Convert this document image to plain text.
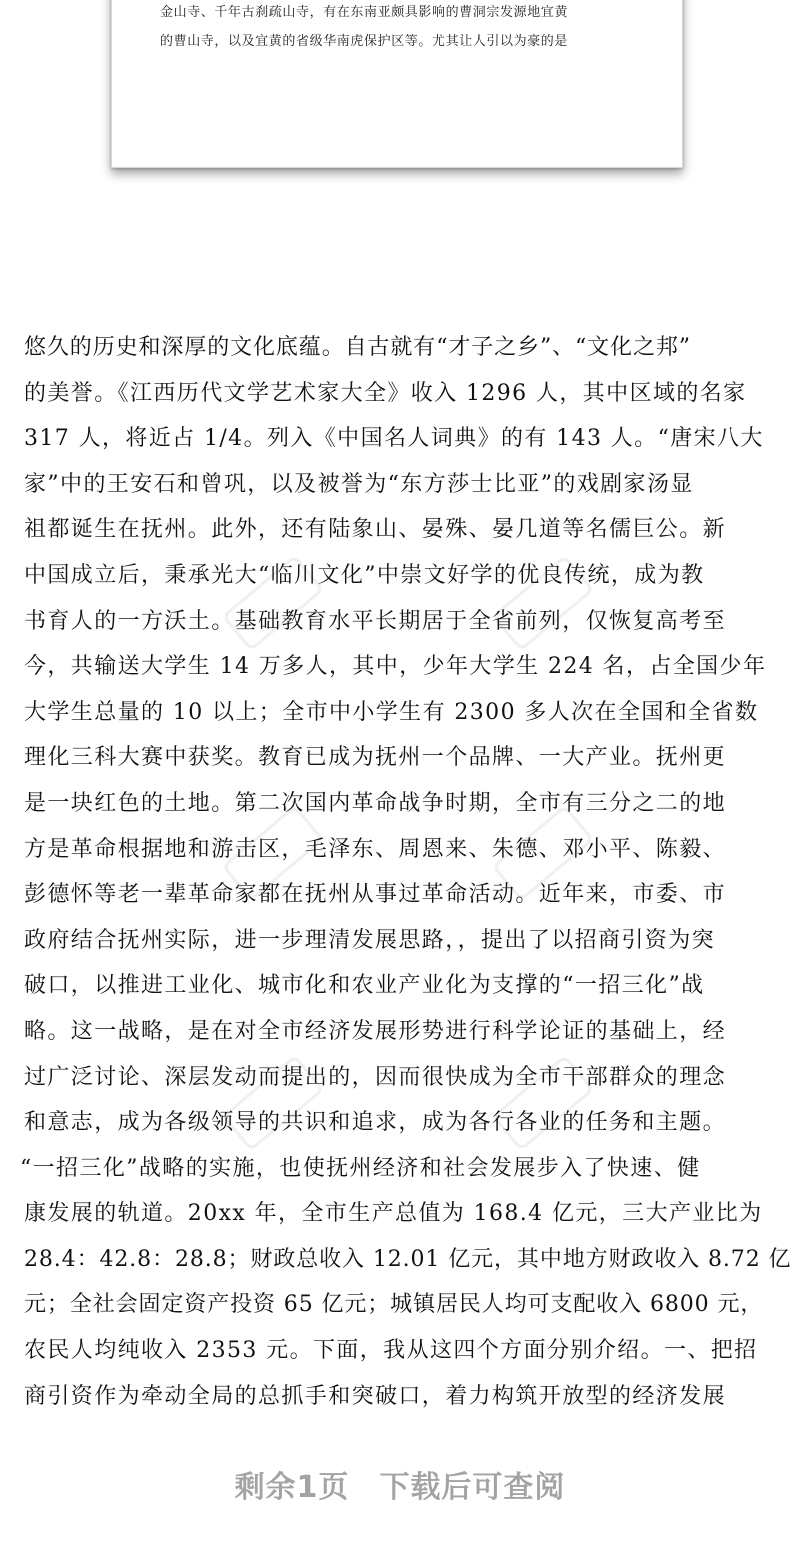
金山寺、千年古刹疏山寺，有在东南亚颇具影响的曹洞宗发源地宜黄
的曹山寺，以及宜黄的省级华南虎保护区等。尤其让人引以为豪的是
悠久的历史和深厚的文化底蕴。自古就有“才子之乡”、“文化之邦”
的美誉。《江西历代文学艺术家大全》收入 1296 人，其中区域的名家
317 人，将近占 1/4。列入《中国名人词典》的有 143 人。“唐宋八大
家”中的王安石和曾巩，以及被誉为“东方莎士比亚”的戏剧家汤显
祖都诞生在抚州。此外，还有陆象山、晏殊、晏几道等名儒巨公。新
中国成立后，秉承光大“临川文化”中崇文好学的优良传统，成为教
书育人的一方沃土。基础教育水平长期居于全省前列，仅恢复高考至
今，共输送大学生 14 万多人，其中，少年大学生 224 名，占全国少年
大学生总量的 10 以上；全市中小学生有 2300 多人次在全国和全省数
理化三科大赛中获奖。教育已成为抚州一个品牌、一大产业。抚州更
是一块红色的土地。第二次国内革命战争时期，全市有三分之二的地
方是革命根据地和游击区，毛泽东、周恩来、朱德、邓小平、陈毅、
彭德怀等老一辈革命家都在抚州从事过革命活动。近年来，市委、市
政府结合抚州实际，进一步理清发展思路，，提出了以招商引资为突
破口，以推进工业化、城市化和农业产业化为支撑的“一招三化”战
略。这一战略，是在对全市经济发展形势进行科学论证的基础上，经
过广泛讨论、深层发动而提出的，因而很快成为全市干部群众的理念
和意志，成为各级领导的共识和追求，成为各行各业的任务和主题。
“一招三化”战略的实施，也使抚州经济和社会发展步入了快速、健
康发展的轨道。20xx 年，全市生产总值为 168.4 亿元，三大产业比为
28.4：42.8：28.8；财政总收入 12.01 亿元，其中地方财政收入 8.72 亿
元；全社会固定资产投资 65 亿元；城镇居民人均可支配收入 6800 元，
农民人均纯收入 2353 元。下面，我从这四个方面分别介绍。一、把招
商引资作为牵动全局的总抓手和突破口，着力构筑开放型的经济发展
剩余1页 下载后可查阅
